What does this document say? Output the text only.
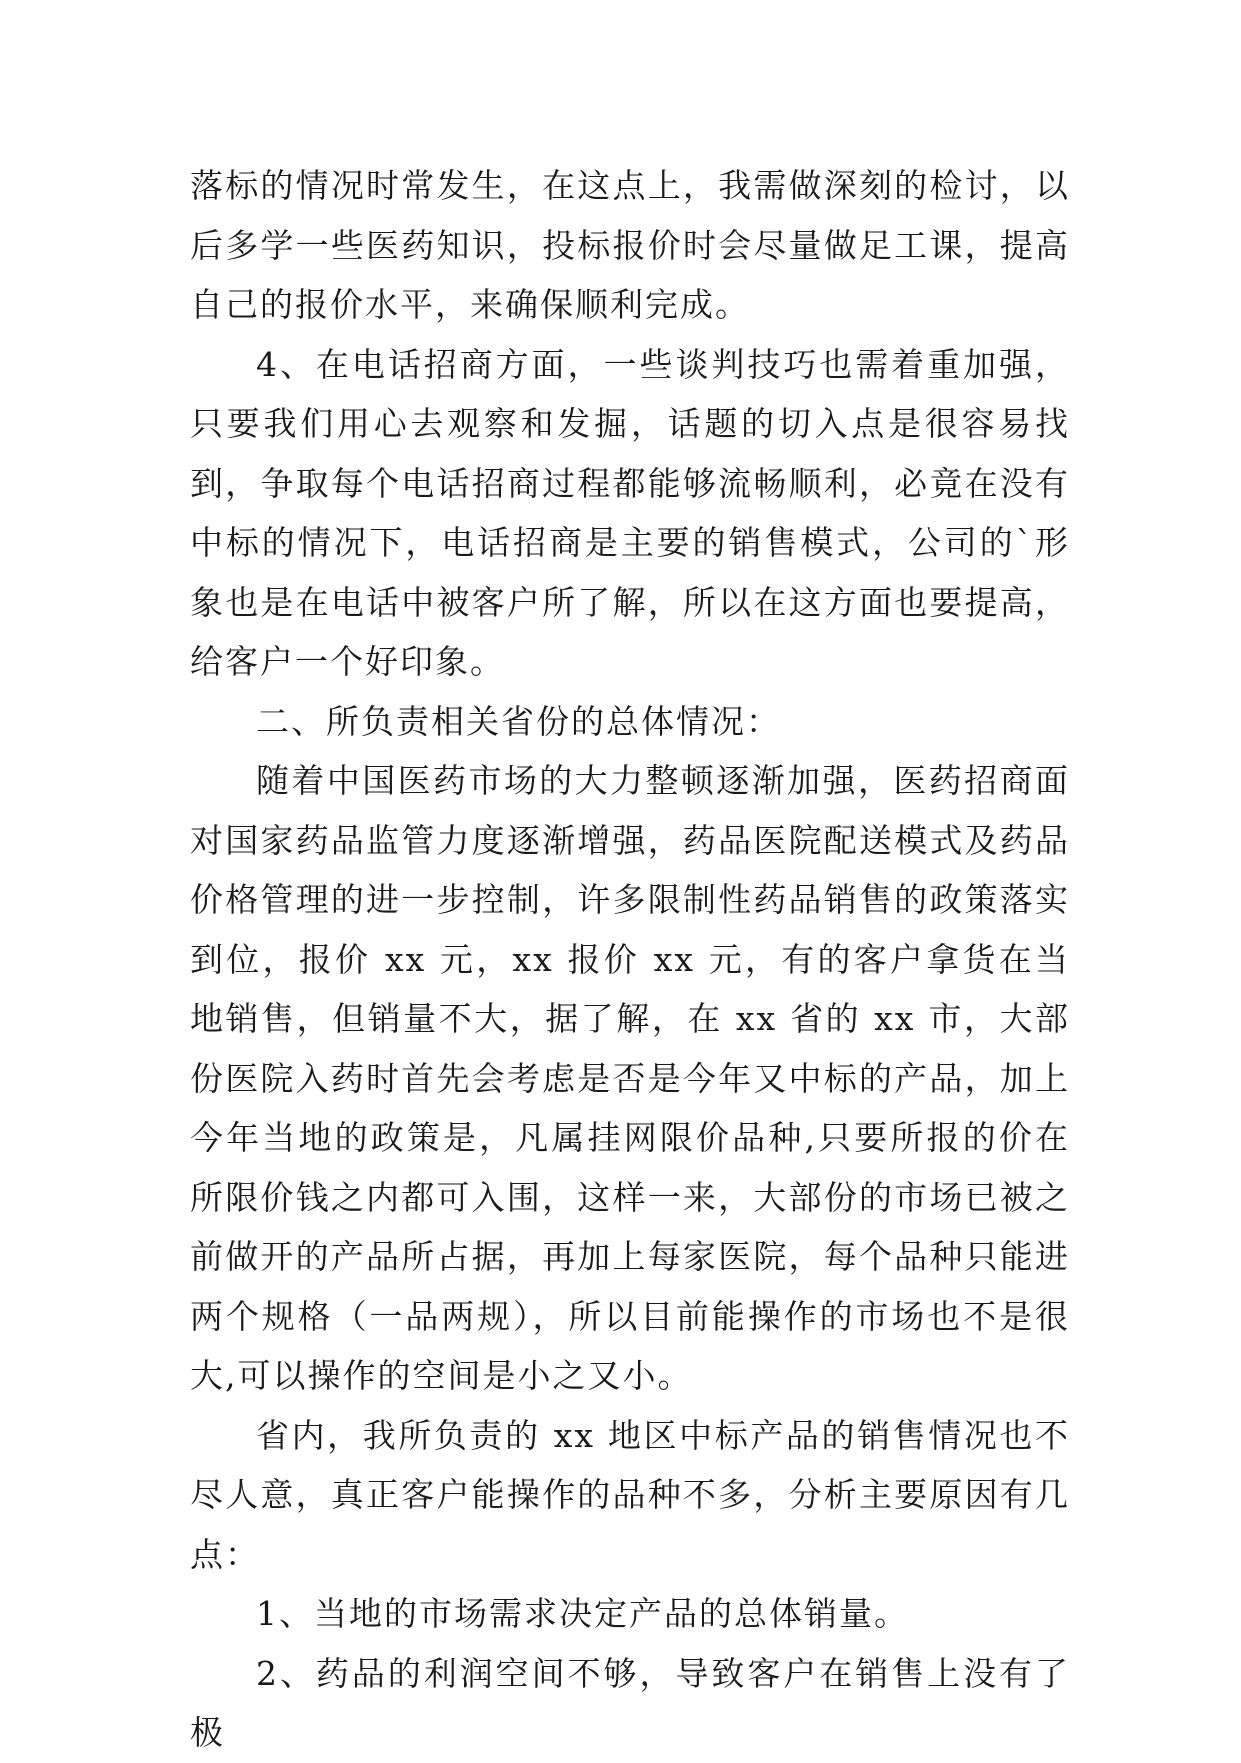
落标的情况时常发生，在这点上，我需做深刻的检讨，以后多学一些医药知识，投标报价时会尽量做足工课，提高自己的报价水平，来确保顺利完成。

4、在电话招商方面，一些谈判技巧也需着重加强，只要我们用心去观察和发掘，话题的切入点是很容易找到，争取每个电话招商过程都能够流畅顺利，必竟在没有中标的情况下，电话招商是主要的销售模式，公司的`形象也是在电话中被客户所了解，所以在这方面也要提高，给客户一个好印象。

二、所负责相关省份的总体情况：

随着中国医药市场的大力整顿逐渐加强，医药招商面对国家药品监管力度逐渐增强，药品医院配送模式及药品价格管理的进一步控制，许多限制性药品销售的政策落实到位，报价 xx 元，xx 报价 xx 元，有的客户拿货在当地销售，但销量不大，据了解，在 xx 省的 xx 市，大部份医院入药时首先会考虑是否是今年又中标的产品，加上今年当地的政策是，凡属挂网限价品种,只要所报的价在所限价钱之内都可入围，这样一来，大部份的市场已被之前做开的产品所占据，再加上每家医院，每个品种只能进两个规格（一品两规），所以目前能操作的市场也不是很大,可以操作的空间是小之又小。

省内，我所负责的 xx 地区中标产品的销售情况也不尽人意，真正客户能操作的品种不多，分析主要原因有几点：

1、当地的市场需求决定产品的总体销量。

2、药品的利润空间不够，导致客户在销售上没有了极
